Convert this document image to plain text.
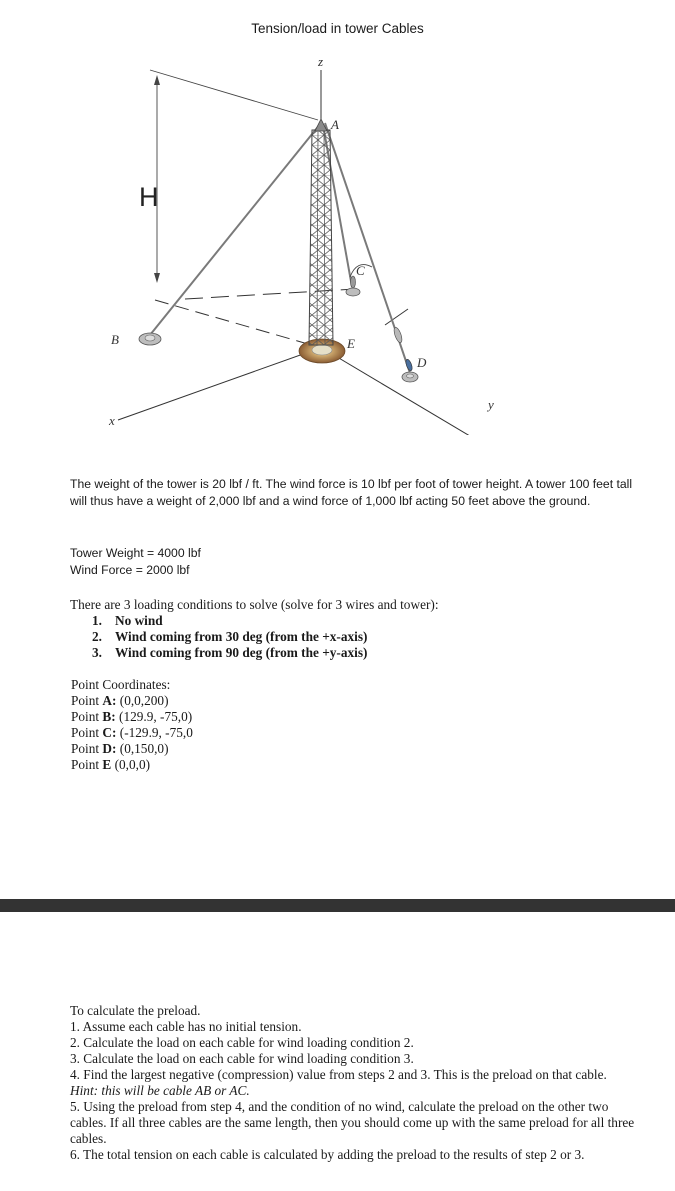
Tension/load in tower Cables
z
A
H
B
C
E
D
x
y
The weight of the tower is 20 lbf / ft. The wind force is 10 lbf per foot of tower height. A tower 100 feet tall will thus have a weight of 2,000 lbf and a wind force of 1,000 lbf acting 50 feet above the ground.
Tower Weight = 4000 lbf
Wind Force = 2000 lbf
There are 3 loading conditions to solve (solve for 3 wires and tower):
1. No wind
2. Wind coming from 30 deg (from the +x-axis)
3. Wind coming from 90 deg (from the +y-axis)
Point Coordinates:
Point A: (0,0,200)
Point B: (129.9, -75,0)
Point C: (-129.9, -75,0
Point D: (0,150,0)
Point E (0,0,0)
To calculate the preload.
1. Assume each cable has no initial tension.
2. Calculate the load on each cable for wind loading condition 2.
3. Calculate the load on each cable for wind loading condition 3.
4. Find the largest negative (compression) value from steps 2 and 3. This is the preload on that cable.
Hint: this will be cable AB or AC.
5. Using the preload from step 4, and the condition of no wind, calculate the preload on the other two cables. If all three cables are the same length, then you should come up with the same preload for all three cables.
6. The total tension on each cable is calculated by adding the preload to the results of step 2 or 3.
